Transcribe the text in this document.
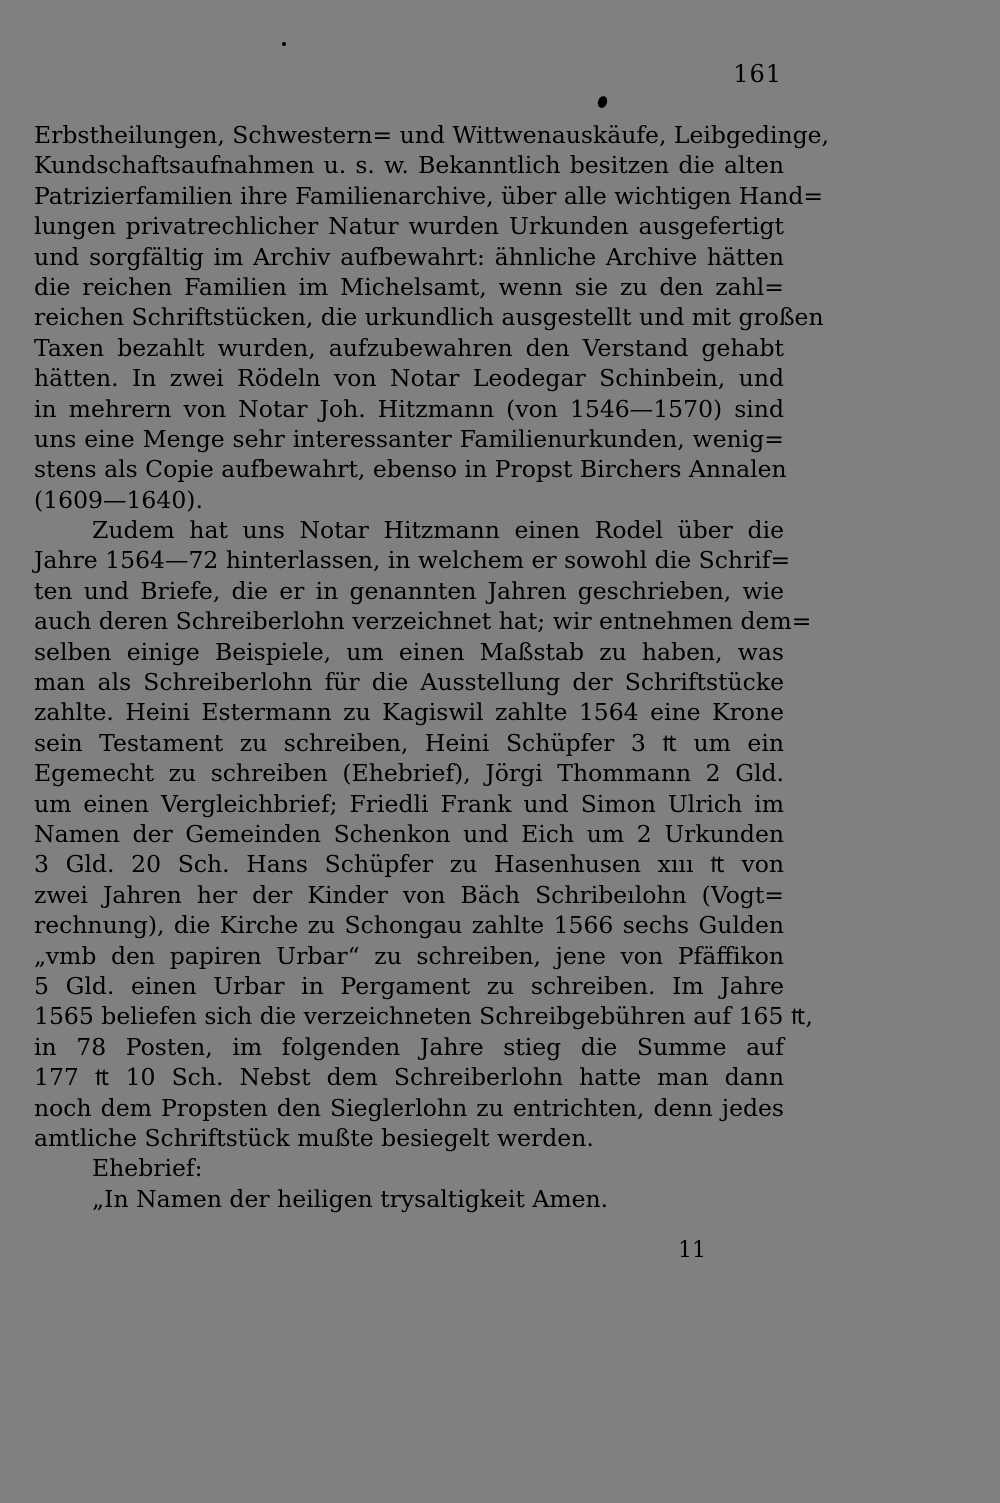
161
Erbstheilungen, Schwestern= und Wittwenauskäufe, Leibgedinge,
Kundschaftsaufnahmen u. s. w. Bekanntlich besitzen die alten
Patrizierfamilien ihre Familienarchive, über alle wichtigen Hand=
lungen privatrechlicher Natur wurden Urkunden ausgefertigt
und sorgfältig im Archiv aufbewahrt: ähnliche Archive hätten
die reichen Familien im Michelsamt, wenn sie zu den zahl=
reichen Schriftstücken, die urkundlich ausgestellt und mit großen
Taxen bezahlt wurden, aufzubewahren den Verstand gehabt
hätten. In zwei Rödeln von Notar Leodegar Schinbein, und
in mehrern von Notar Joh. Hitzmann (von 1546—1570) sind
uns eine Menge sehr interessanter Familienurkunden, wenig=
stens als Copie aufbewahrt, ebenso in Propst Birchers Annalen
(1609—1640).
Zudem hat uns Notar Hitzmann einen Rodel über die
Jahre 1564—72 hinterlassen, in welchem er sowohl die Schrif=
ten und Briefe, die er in genannten Jahren geschrieben, wie
auch deren Schreiberlohn verzeichnet hat; wir entnehmen dem=
selben einige Beispiele, um einen Maßstab zu haben, was
man als Schreiberlohn für die Ausstellung der Schriftstücke
zahlte. Heini Estermann zu Kagiswil zahlte 1564 eine Krone
sein Testament zu schreiben, Heini Schüpfer 3 ₶ um ein
Egemecht zu schreiben (Ehebrief), Jörgi Thommann 2 Gld.
um einen Vergleichbrief; Friedli Frank und Simon Ulrich im
Namen der Gemeinden Schenkon und Eich um 2 Urkunden
3 Gld. 20 Sch. Hans Schüpfer zu Hasenhusen xııı ₶ von
zwei Jahren her der Kinder von Bäch Schribeılohn (Vogt=
rechnung), die Kirche zu Schongau zahlte 1566 sechs Gulden
„vmb den papiren Urbar“ zu schreiben, jene von Pfäffikon
5 Gld. einen Urbar in Pergament zu schreiben. Im Jahre
1565 beliefen sich die verzeichneten Schreibgebühren auf 165 ₶,
in 78 Posten, im folgenden Jahre stieg die Summe auf
177 ₶ 10 Sch. Nebst dem Schreiberlohn hatte man dann
noch dem Propsten den Sieglerlohn zu entrichten, denn jedes
amtliche Schriftstück mußte besiegelt werden.
Ehebrief:
„In Namen der heiligen trysaltigkeit Amen.
11
